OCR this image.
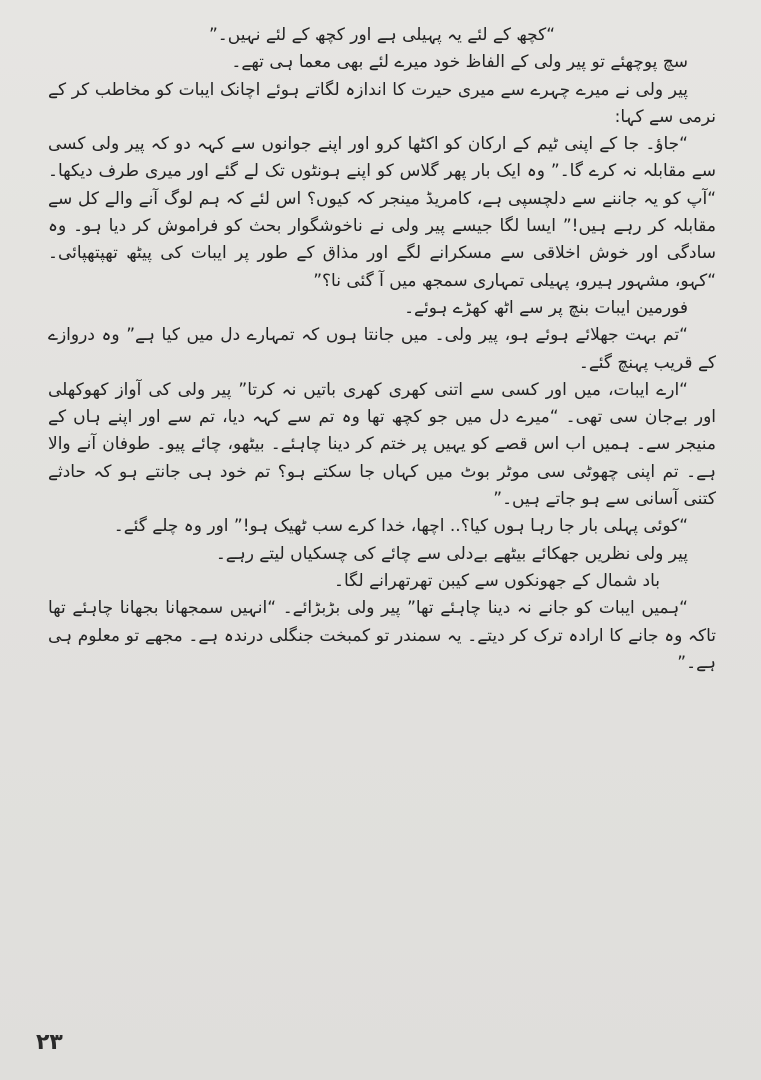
“کچھ کے لئے یہ پہیلی ہے اور کچھ کے لئے نہیں۔”

سچ پوچھئے تو پیر ولی کے الفاظ خود میرے لئے بھی معما ہی تھے۔

پیر ولی نے میرے چہرے سے میری حیرت کا اندازہ لگاتے ہوئے اچانک ایبات کو مخاطب کر کے نرمی سے کہا:

“جاؤ۔ جا کے اپنی ٹیم کے ارکان کو اکٹھا کرو اور اپنے جوانوں سے کہہ دو کہ پیر ولی کسی سے مقابلہ نہ کرے گا۔” وہ ایک بار پھر گلاس کو اپنے ہونٹوں تک لے گئے اور میری طرف دیکھا۔ “آپ کو یہ جاننے سے دلچسپی ہے، کامریڈ مینجر کہ کیوں؟ اس لئے کہ ہم لوگ آنے والے کل سے مقابلہ کر رہے ہیں!” ایسا لگا جیسے پیر ولی نے ناخوشگوار بحث کو فراموش کر دیا ہو۔ وہ سادگی اور خوش اخلاقی سے مسکرانے لگے اور مذاق کے طور پر ایبات کی پیٹھ تھپتھپائی۔ “کہو، مشہور ہیرو، پہیلی تمہاری سمجھ میں آ گئی نا؟”

فورمین ایبات بنچ پر سے اٹھ کھڑے ہوئے۔

“تم بہت جھلائے ہوئے ہو، پیر ولی۔ میں جانتا ہوں کہ تمہارے دل میں کیا ہے” وہ دروازے کے قریب پہنچ گئے۔

“ارے ایبات، میں اور کسی سے اتنی کھری کھری باتیں نہ کرتا” پیر ولی کی آواز کھوکھلی اور بےجان سی تھی۔ “میرے دل میں جو کچھ تھا وہ تم سے کہہ دیا، تم سے اور اپنے ہاں کے منیجر سے۔ ہمیں اب اس قصے کو یہیں پر ختم کر دینا چاہئے۔ بیٹھو، چائے پیو۔ طوفان آنے والا ہے۔ تم اپنی چھوٹی سی موٹر بوٹ میں کہاں جا سکتے ہو؟ تم خود ہی جانتے ہو کہ حادثے کتنی آسانی سے ہو جاتے ہیں۔”

“کوئی پہلی بار جا رہا ہوں کیا؟.. اچھا، خدا کرے سب ٹھیک ہو!” اور وہ چلے گئے۔

پیر ولی نظریں جھکائے بیٹھے بےدلی سے چائے کی چسکیاں لیتے رہے۔

باد شمال کے جھونکوں سے کیبن تھرتھرانے لگا۔

“ہمیں ایبات کو جانے نہ دینا چاہئے تھا” پیر ولی بڑبڑائے۔ “انہیں سمجھانا بجھانا چاہئے تھا تاکہ وہ جانے کا ارادہ ترک کر دیتے۔ یہ سمندر تو کمبخت جنگلی درندہ ہے۔ مجھے تو معلوم ہی ہے۔”

۲۳
